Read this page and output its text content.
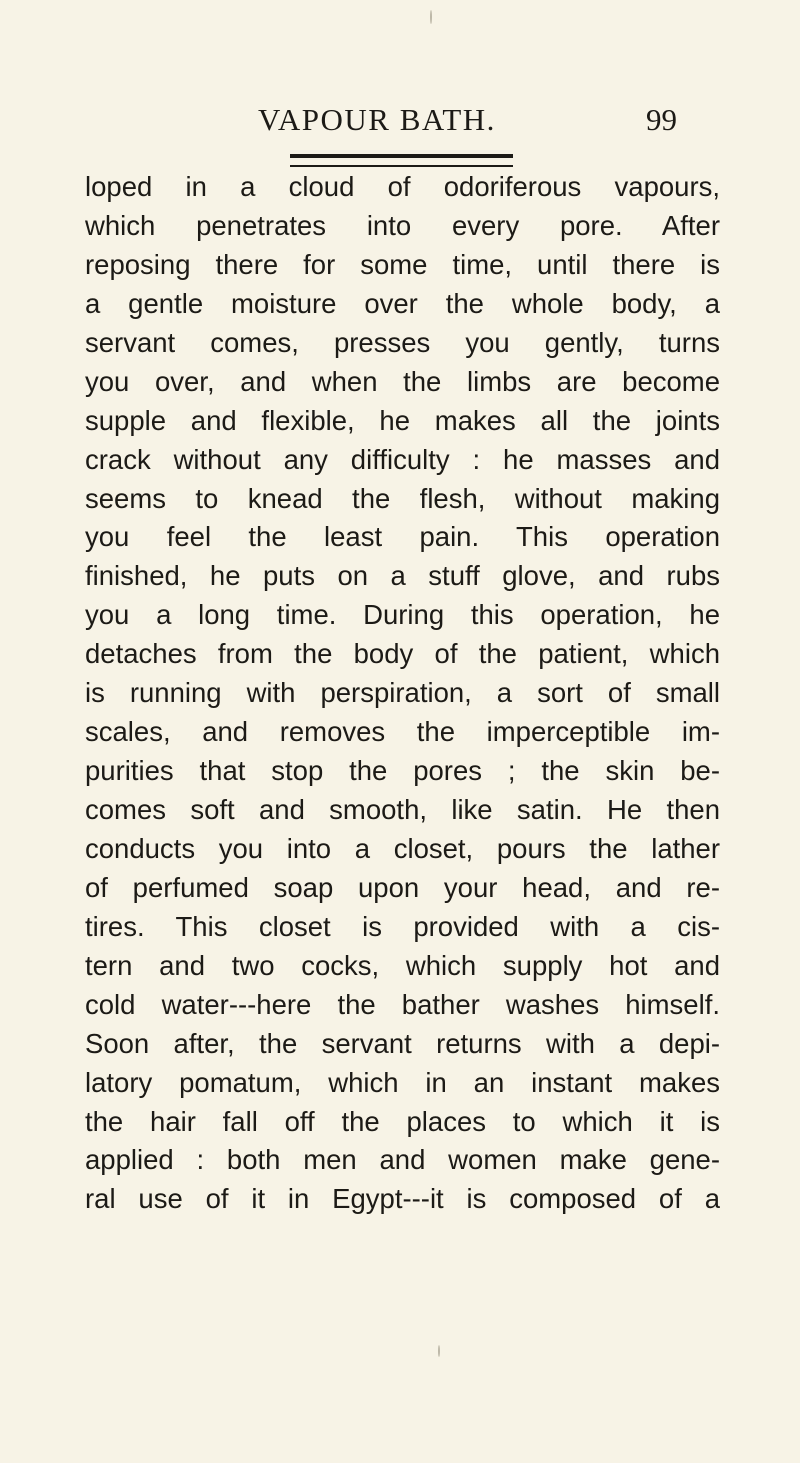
VAPOUR BATH.	99
loped in a cloud of odoriferous vapours,
which penetrates into every pore. After
reposing there for some time, until there is
a gentle moisture over the whole body, a
servant comes, presses you gently, turns
you over, and when the limbs are become
supple and flexible, he makes all the joints
crack without any difficulty : he masses and
seems to knead the flesh, without making
you feel the least pain. This operation
finished, he puts on a stuff glove, and rubs
you a long time. During this operation, he
detaches from the body of the patient, which
is running with perspiration, a sort of small
scales, and removes the imperceptible im-
purities that stop the pores ; the skin be-
comes soft and smooth, like satin. He then
conducts you into a closet, pours the lather
of perfumed soap upon your head, and re-
tires. This closet is provided with a cis-
tern and two cocks, which supply hot and
cold water---here the bather washes himself.
Soon after, the servant returns with a depi-
latory pomatum, which in an instant makes
the hair fall off the places to which it is
applied : both men and women make gene-
ral use of it in Egypt---it is composed of a
